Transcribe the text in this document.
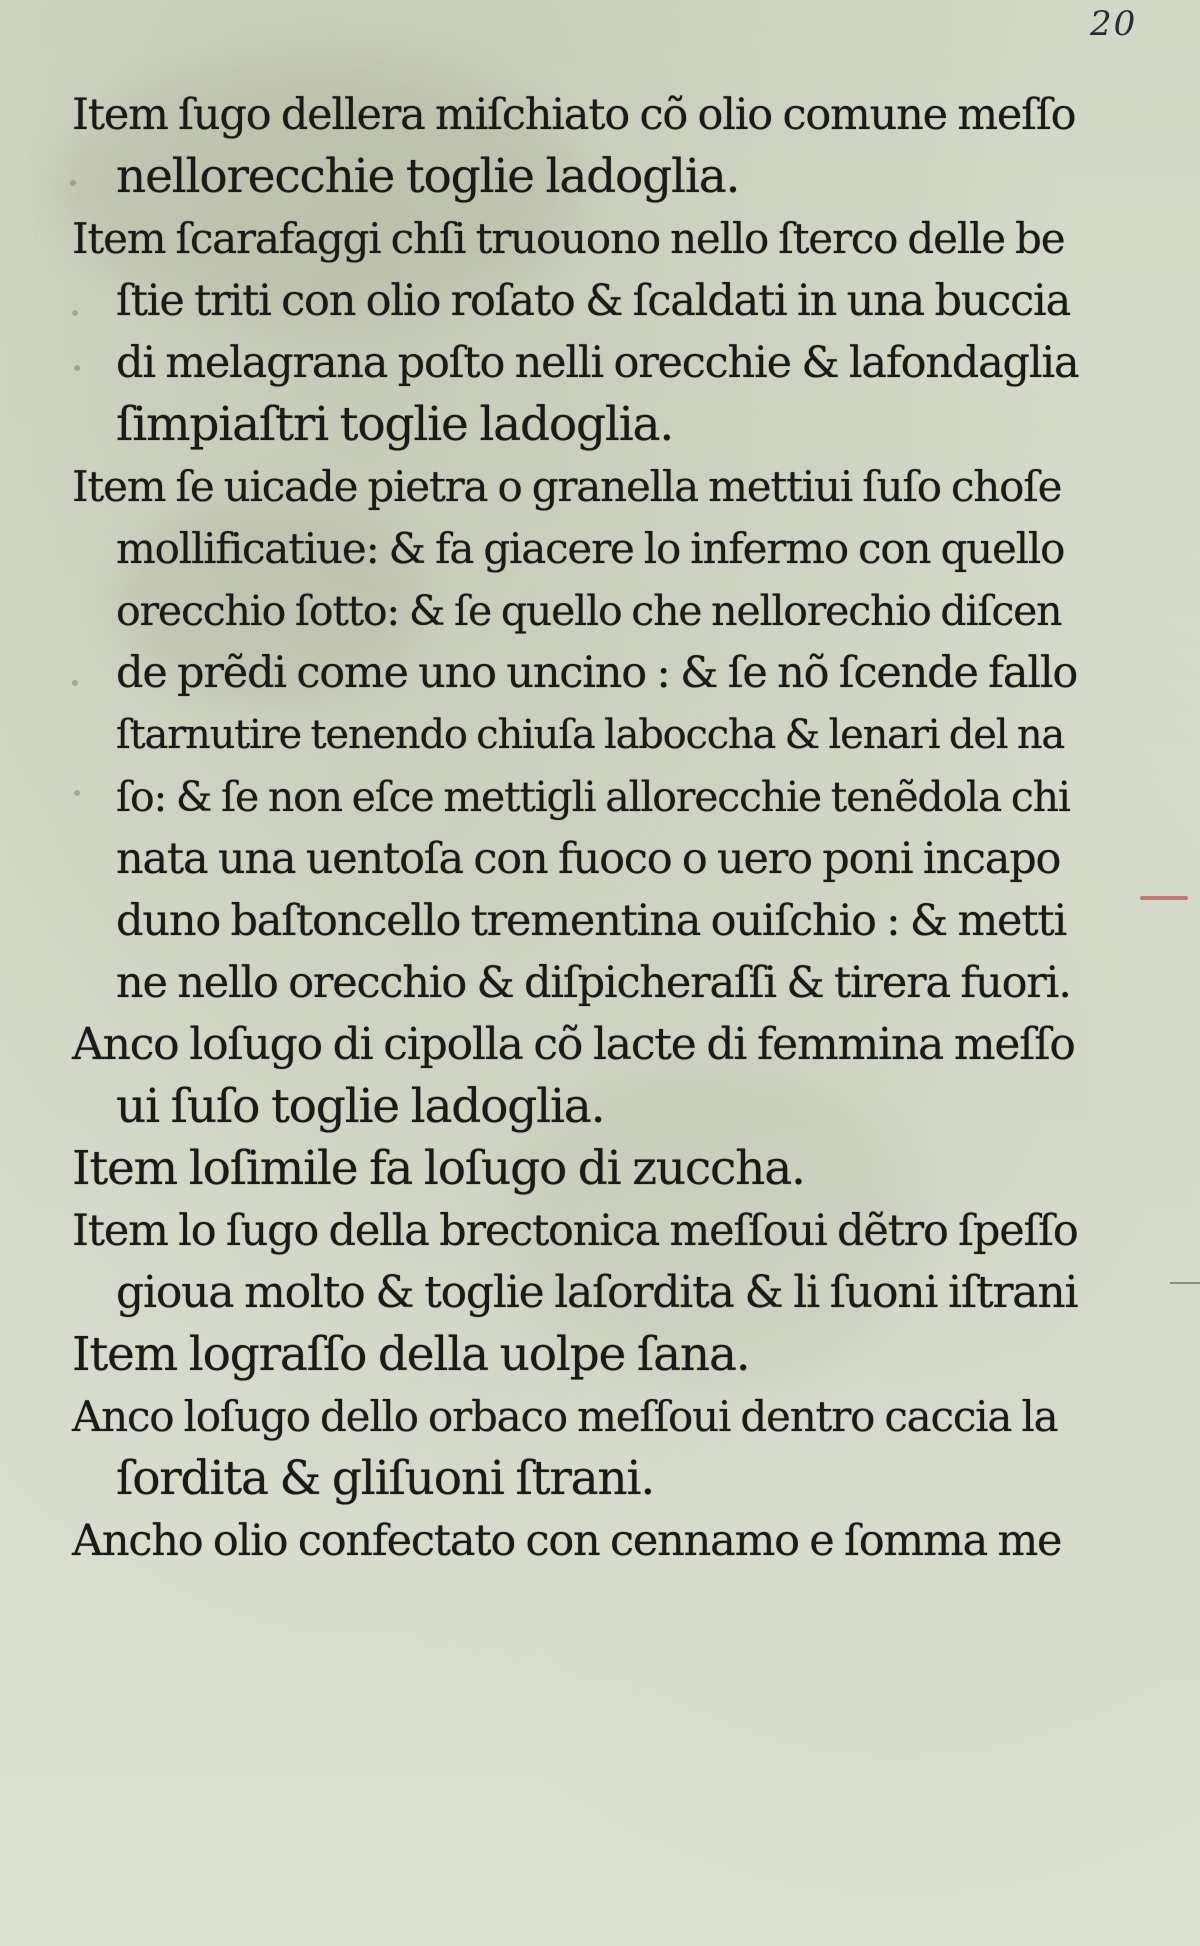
20
Item ſugo dellera miſchiato cõ olio comune meſſo
nellorecchie toglie ladoglia.
Item ſcarafaggi chſi truouono nello ſterco delle be
ſtie triti con olio roſato & ſcaldati in una buccia
di melagrana poſto nelli orecchie & lafondaglia
ſimpiaſtri toglie ladoglia.
Item ſe uicade pietra o granella mettiui ſuſo choſe
mollificatiue: & fa giacere lo infermo con quello
orecchio ſotto: & ſe quello che nellorechio diſcen
de prẽdi come uno uncino : & ſe nõ ſcende fallo
ſtarnutire tenendo chiuſa laboccha & lenari del na
ſo: & ſe non eſce mettigli allorecchie tenẽdola chi
nata una uentoſa con fuoco o uero poni incapo
duno baſtoncello trementina ouiſchio : & metti
ne nello orecchio & diſpicheraſſi & tirera fuori.
Anco loſugo di cipolla cõ lacte di femmina meſſo
ui ſuſo toglie ladoglia.
Item loſimile fa loſugo di zuccha.
Item lo ſugo della brectonica meſſoui dẽtro ſpeſſo
gioua molto & toglie laſordita & li ſuoni iſtrani
Item lograſſo della uolpe ſana.
Anco loſugo dello orbaco meſſoui dentro caccia la
ſordita & gliſuoni ſtrani.
Ancho olio confectato con cennamo e ſomma me
